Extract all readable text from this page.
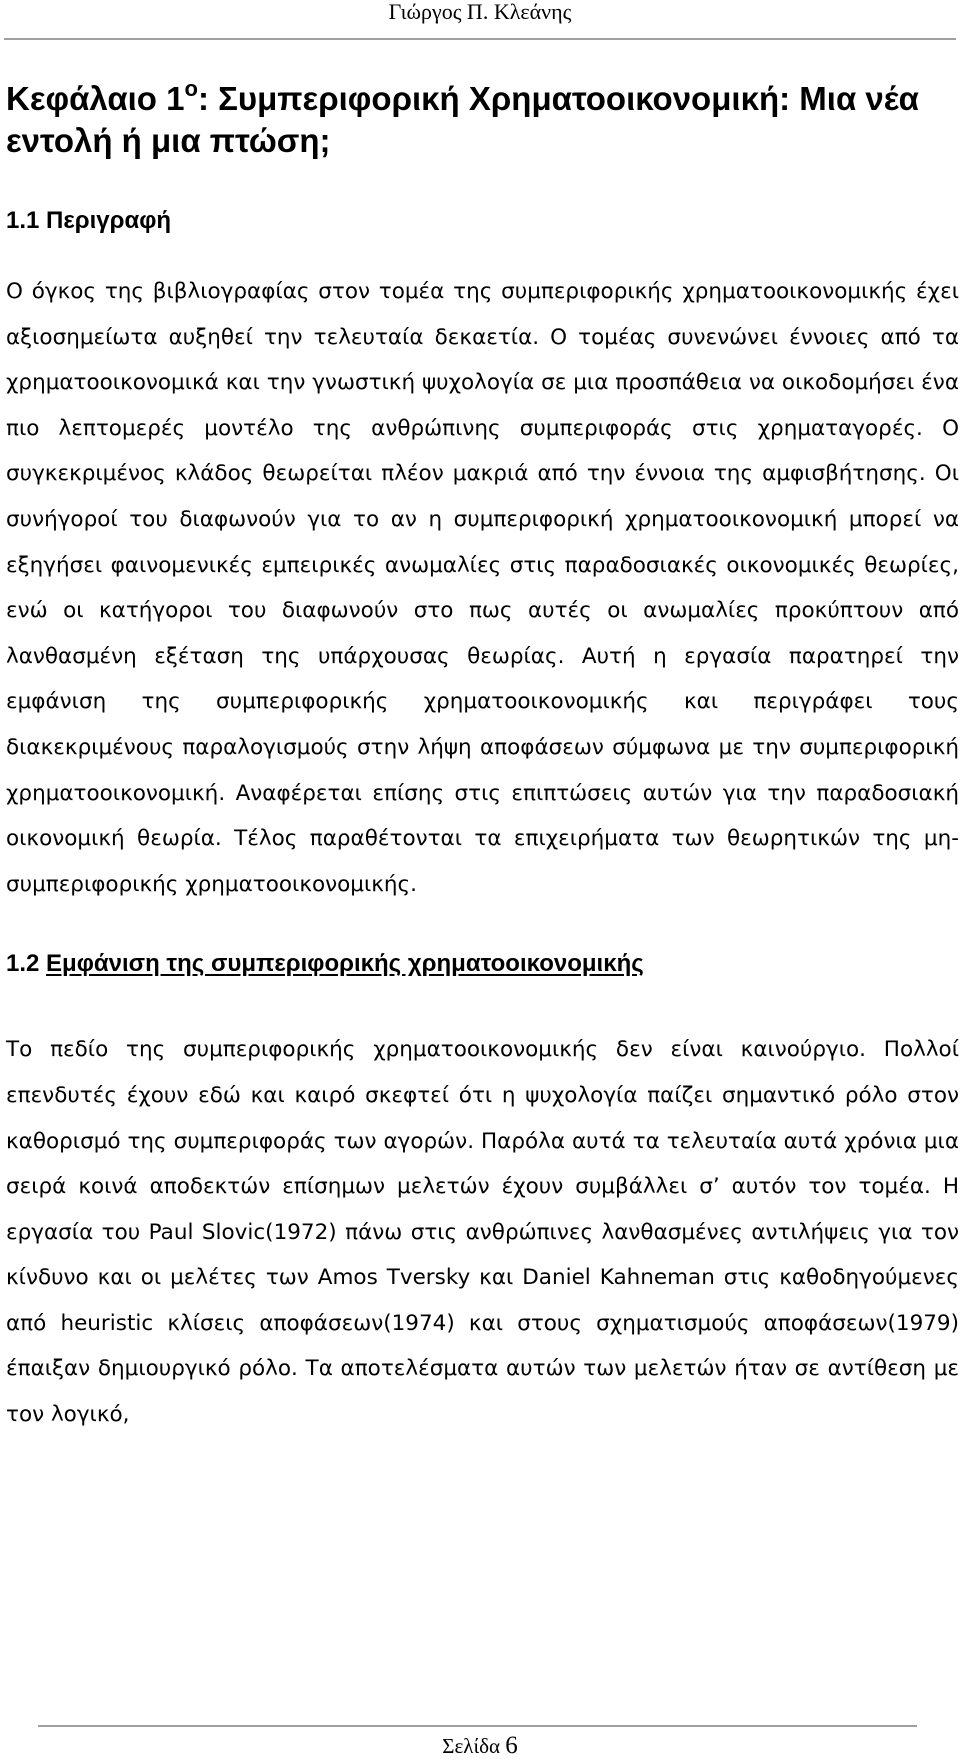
Γιώργος Π. Κλεάνης
Κεφάλαιο $1^o$: Συμπεριφορική Χρηματοοικονομική: Μια νέα εντολή ή μια πτώση;
1.1 Περιγραφή

Ο όγκος της βιβλιογραφίας στον τομέα της συμπεριφορικής χρηματοοικονομικής έχει αξιοσημείωτα αυξηθεί την τελευταία δεκαετία. Ο τομέας συνενώνει έννοιες από τα χρηματοοικονομικά και την γνωστική ψυχολογία σε μια προσπάθεια να οικοδομήσει ένα πιο λεπτομερές μοντέλο της ανθρώπινης συμπεριφοράς στις χρηματαγορές. Ο συγκεκριμένος κλάδος θεωρείται πλέον μακριά από την έννοια της αμφισβήτησης. Οι συνήγοροί του διαφωνούν για το αν η συμπεριφορική χρηματοοικονομική μπορεί να εξηγήσει φαινομενικές εμπειρικές ανωμαλίες στις παραδοσιακές οικονομικές θεωρίες, ενώ οι κατήγοροι του διαφωνούν στο πως αυτές οι ανωμαλίες προκύπτουν από λανθασμένη εξέταση της υπάρχουσας θεωρίας. Αυτή η εργασία παρατηρεί την εμφάνιση της συμπεριφορικής χρηματοοικονομικής και περιγράφει τους διακεκριμένους παραλογισμούς στην λήψη αποφάσεων σύμφωνα με την συμπεριφορική χρηματοοικονομική. Αναφέρεται επίσης στις επιπτώσεις αυτών για την παραδοσιακή οικονομική θεωρία. Τέλος παραθέτονται τα επιχειρήματα των θεωρητικών της μη-συμπεριφορικής χρηματοοικονομικής.

1.2 Εμφάνιση της συμπεριφορικής χρηματοοικονομικής

Το πεδίο της συμπεριφορικής χρηματοοικονομικής δεν είναι καινούργιο. Πολλοί επενδυτές έχουν εδώ και καιρό σκεφτεί ότι η ψυχολογία παίζει σημαντικό ρόλο στον καθορισμό της συμπεριφοράς των αγορών. Παρόλα αυτά τα τελευταία αυτά χρόνια μια σειρά κοινά αποδεκτών επίσημων μελετών έχουν συμβάλλει σ’ αυτόν τον τομέα. Η εργασία του Paul Slovic(1972) πάνω στις ανθρώπινες λανθασμένες αντιλήψεις για τον κίνδυνο και οι μελέτες των Amos Tversky και Daniel Kahneman στις καθοδηγούμενες από heuristic κλίσεις αποφάσεων(1974) και στους σχηματισμούς αποφάσεων(1979) έπαιξαν δημιουργικό ρόλο. Τα αποτελέσματα αυτών των μελετών ήταν σε αντίθεση με τον λογικό,

Σελίδα 6
